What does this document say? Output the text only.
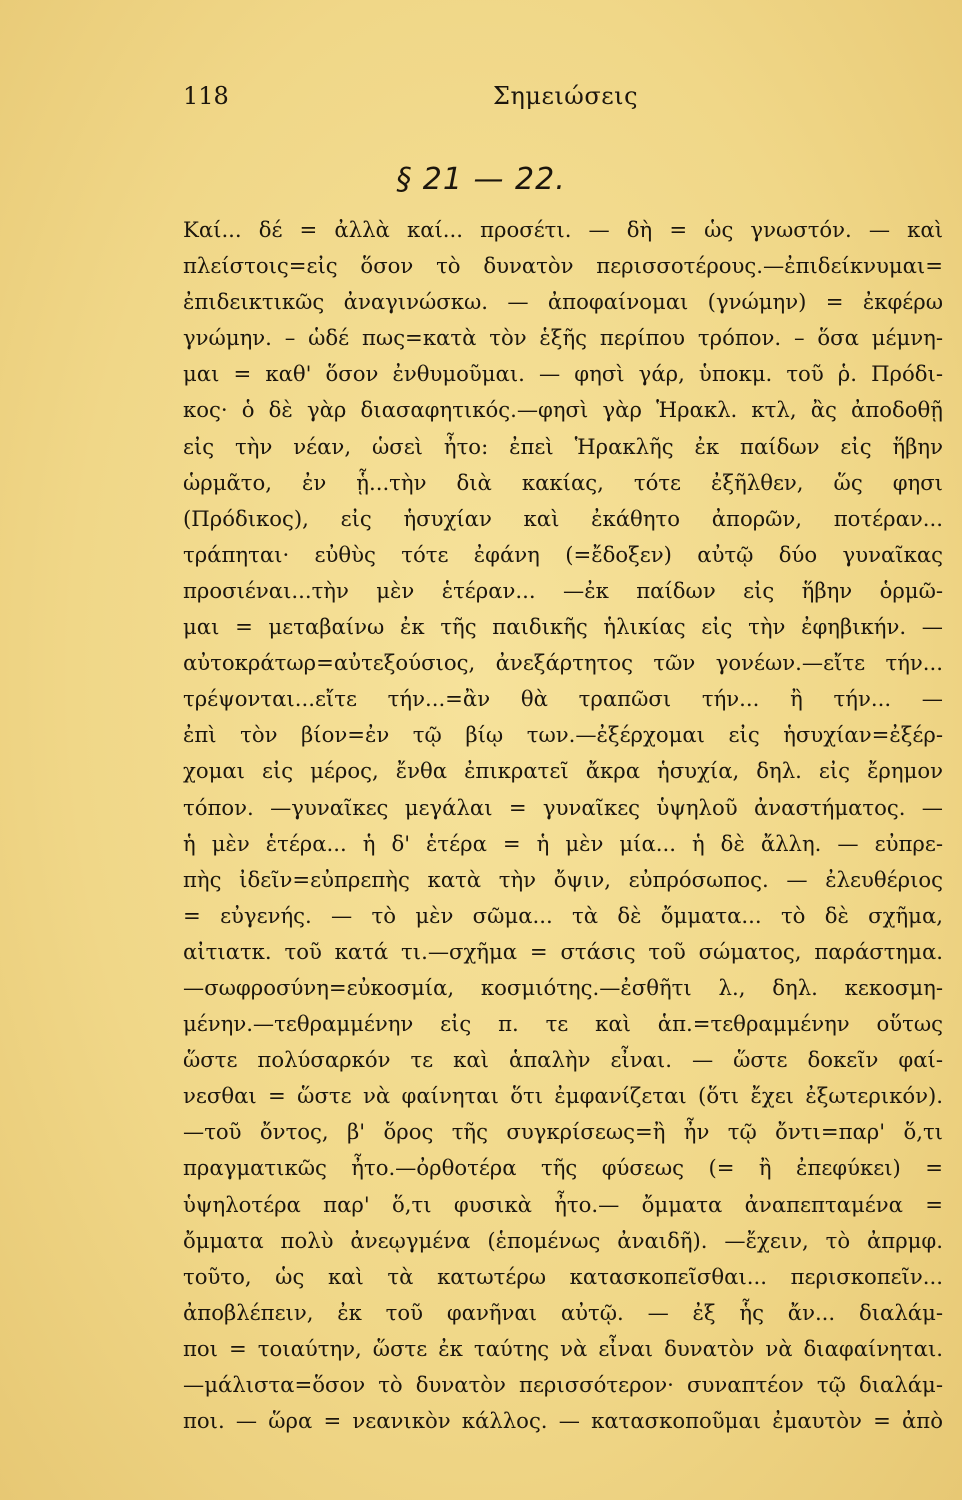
118	Σημειώσεις
§ 21 — 22.
Καί... δέ = ἀλλὰ καί... προσέτι. — δὴ = ὡς γνωστόν. — καὶ
πλείστοις=εἰς ὅσον τὸ δυνατὸν περισσοτέρους.—ἐπιδείκνυμαι=
ἐπιδεικτικῶς ἀναγινώσκω. — ἀποφαίνομαι (γνώμην) = ἐκφέρω
γνώμην. – ὡδέ πως=κατὰ τὸν ἑξῆς περίπου τρόπον. – ὅσα μέμνη-
μαι = καθ' ὅσον ἐνθυμοῦμαι. — φησὶ γάρ, ὑποκμ. τοῦ ῥ. Πρόδι-
κος· ὁ δὲ γὰρ διασαφητικός.—φησὶ γὰρ Ἡρακλ. κτλ, ἂς ἀποδοθῇ
εἰς τὴν νέαν, ὡσεὶ ἦτο: ἐπεὶ Ἡρακλῆς ἐκ παίδων εἰς ἥβην
ὡρμᾶτο, ἐν ᾗ...τὴν διὰ κακίας, τότε ἐξῆλθεν, ὥς φησι
(Πρόδικος), εἰς ἡσυχίαν καὶ ἐκάθητο ἀπορῶν, ποτέραν...
τράπηται· εὐθὺς τότε ἐφάνη (=ἔδοξεν) αὐτῷ δύο γυναῖκας
προσιέναι...τὴν μὲν ἑτέραν... —ἐκ παίδων εἰς ἥβην ὁρμῶ-
μαι = μεταβαίνω ἐκ τῆς παιδικῆς ἡλικίας εἰς τὴν ἐφηβικήν. —
αὐτοκράτωρ=αὐτεξούσιος, ἀνεξάρτητος τῶν γονέων.—εἴτε τήν...
τρέψονται...εἴτε τήν...=ἂν θὰ τραπῶσι τήν... ἢ τήν... —
ἐπὶ τὸν βίον=ἐν τῷ βίῳ των.—ἐξέρχομαι εἰς ἡσυχίαν=ἐξέρ-
χομαι εἰς μέρος, ἔνθα ἐπικρατεῖ ἄκρα ἡσυχία, δηλ. εἰς ἔρημον
τόπον. —γυναῖκες μεγάλαι = γυναῖκες ὑψηλοῦ ἀναστήματος. —
ἡ μὲν ἑτέρα... ἡ δ' ἑτέρα = ἡ μὲν μία... ἡ δὲ ἄλλη. — εὐπρε-
πὴς ἰδεῖν=εὐπρεπὴς κατὰ τὴν ὄψιν, εὐπρόσωπος. — ἐλευθέριος
= εὐγενής. — τὸ μὲν σῶμα... τὰ δὲ ὄμματα... τὸ δὲ σχῆμα,
αἰτιατκ. τοῦ κατά τι.—σχῆμα = στάσις τοῦ σώματος, παράστημα.
—σωφροσύνη=εὐκοσμία, κοσμιότης.—ἐσθῆτι λ., δηλ. κεκοσμη-
μένην.—τεθραμμένην εἰς π. τε καὶ ἁπ.=τεθραμμένην οὕτως
ὥστε πολύσαρκόν τε καὶ ἁπαλὴν εἶναι. — ὥστε δοκεῖν φαί-
νεσθαι = ὥστε νὰ φαίνηται ὅτι ἐμφανίζεται (ὅτι ἔχει ἐξωτερικόν).
—τοῦ ὄντος, β' ὅρος τῆς συγκρίσεως=ἢ ἦν τῷ ὄντι=παρ' ὅ,τι
πραγματικῶς ἦτο.—ὀρθοτέρα τῆς φύσεως (= ἢ ἐπεφύκει) =
ὑψηλοτέρα παρ' ὅ,τι φυσικὰ ἦτο.— ὄμματα ἀναπεπταμένα =
ὄμματα πολὺ ἀνεῳγμένα (ἑπομένως ἀναιδῆ). —ἔχειν, τὸ ἀπρμφ.
τοῦτο, ὡς καὶ τὰ κατωτέρω κατασκοπεῖσθαι... περισκοπεῖν...
ἀποβλέπειν, ἐκ τοῦ φανῆναι αὐτῷ. — ἐξ ἧς ἄν... διαλάμ-
ποι = τοιαύτην, ὥστε ἐκ ταύτης νὰ εἶναι δυνατὸν νὰ διαφαίνηται.
—μάλιστα=ὅσον τὸ δυνατὸν περισσότερον· συναπτέον τῷ διαλάμ-
ποι. — ὥρα = νεανικὸν κάλλος. — κατασκοποῦμαι ἐμαυτὸν = ἀπὸ
